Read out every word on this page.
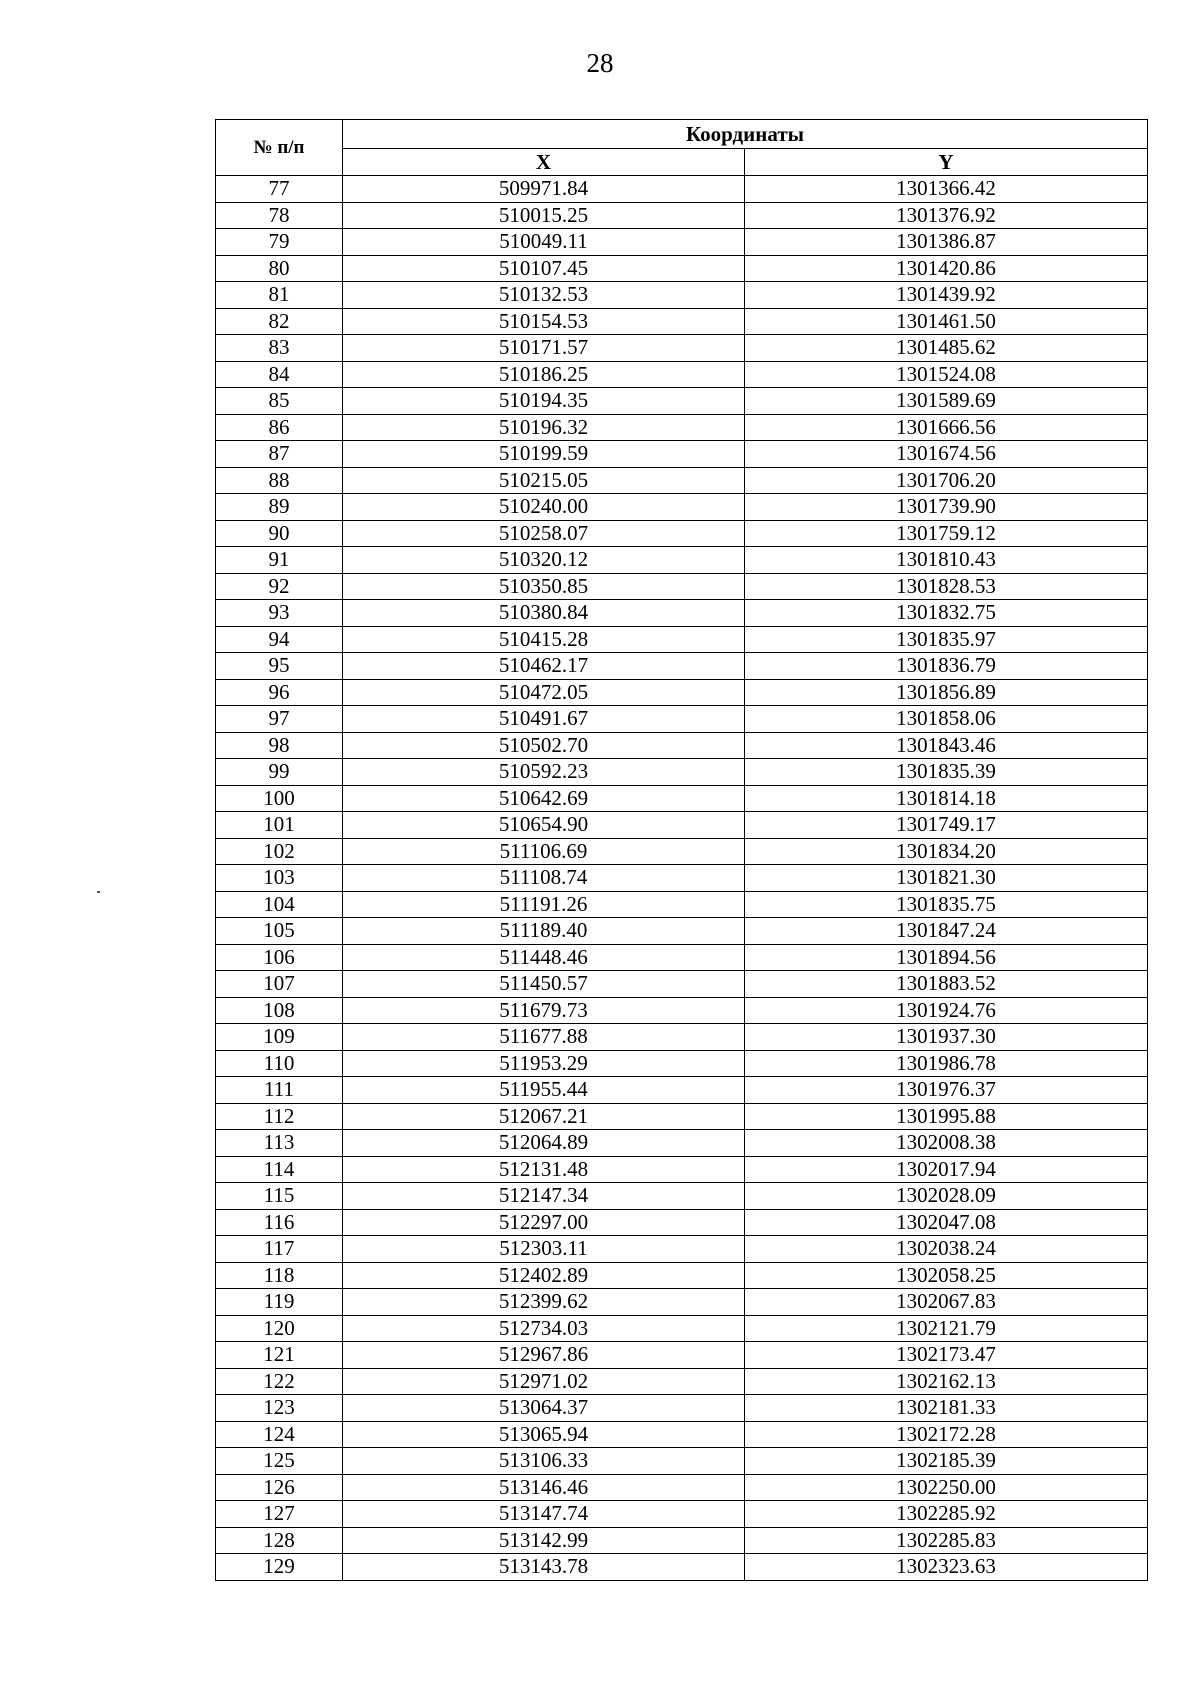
28
№ п/п	Координаты	
	X	Y
77	509971.84	1301366.42
78	510015.25	1301376.92
79	510049.11	1301386.87
80	510107.45	1301420.86
81	510132.53	1301439.92
82	510154.53	1301461.50
83	510171.57	1301485.62
84	510186.25	1301524.08
85	510194.35	1301589.69
86	510196.32	1301666.56
87	510199.59	1301674.56
88	510215.05	1301706.20
89	510240.00	1301739.90
90	510258.07	1301759.12
91	510320.12	1301810.43
92	510350.85	1301828.53
93	510380.84	1301832.75
94	510415.28	1301835.97
95	510462.17	1301836.79
96	510472.05	1301856.89
97	510491.67	1301858.06
98	510502.70	1301843.46
99	510592.23	1301835.39
100	510642.69	1301814.18
101	510654.90	1301749.17
102	511106.69	1301834.20
103	511108.74	1301821.30
104	511191.26	1301835.75
105	511189.40	1301847.24
106	511448.46	1301894.56
107	511450.57	1301883.52
108	511679.73	1301924.76
109	511677.88	1301937.30
110	511953.29	1301986.78
111	511955.44	1301976.37
112	512067.21	1301995.88
113	512064.89	1302008.38
114	512131.48	1302017.94
115	512147.34	1302028.09
116	512297.00	1302047.08
117	512303.11	1302038.24
118	512402.89	1302058.25
119	512399.62	1302067.83
120	512734.03	1302121.79
121	512967.86	1302173.47
122	512971.02	1302162.13
123	513064.37	1302181.33
124	513065.94	1302172.28
125	513106.33	1302185.39
126	513146.46	1302250.00
127	513147.74	1302285.92
128	513142.99	1302285.83
129	513143.78	1302323.63
